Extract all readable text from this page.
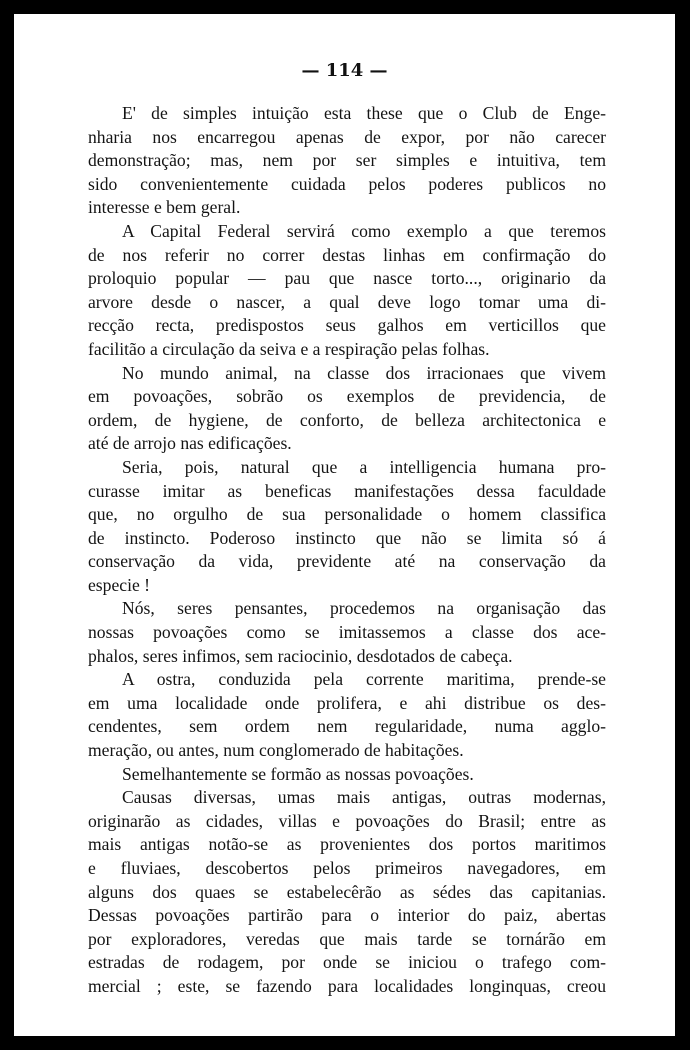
— 114 —
E' de simples intuição esta these que o Club de Enge-
nharia nos encarregou apenas de expor, por não carecer
demonstração; mas, nem por ser simples e intuitiva, tem
sido convenientemente cuidada pelos poderes publicos no
interesse e bem geral.
A Capital Federal servirá como exemplo a que teremos
de nos referir no correr destas linhas em confirmação do
proloquio popular — pau que nasce torto..., originario da
arvore desde o nascer, a qual deve logo tomar uma di-
recção recta, predispostos seus galhos em verticillos que
facilitão a circulação da seiva e a respiração pelas folhas.
No mundo animal, na classe dos irracionaes que vivem
em povoações, sobrão os exemplos de previdencia, de
ordem, de hygiene, de conforto, de belleza architectonica e
até de arrojo nas edificações.
Seria, pois, natural que a intelligencia humana pro-
curasse imitar as beneficas manifestações dessa faculdade
que, no orgulho de sua personalidade o homem classifica
de instincto. Poderoso instincto que não se limita só á
conservação da vida, previdente até na conservação da
especie !
Nós, seres pensantes, procedemos na organisação das
nossas povoações como se imitassemos a classe dos ace-
phalos, seres infimos, sem raciocinio, desdotados de cabeça.
A ostra, conduzida pela corrente maritima, prende-se
em uma localidade onde prolifera, e ahi distribue os des-
cendentes, sem ordem nem regularidade, numa agglo-
meração, ou antes, num conglomerado de habitações.
Semelhantemente se formão as nossas povoações.
Causas diversas, umas mais antigas, outras modernas,
originarão as cidades, villas e povoações do Brasil; entre as
mais antigas notão-se as provenientes dos portos maritimos
e fluviaes, descobertos pelos primeiros navegadores, em
alguns dos quaes se estabelecêrão as sédes das capitanias.
Dessas povoações partirão para o interior do paiz, abertas
por exploradores, veredas que mais tarde se tornárão em
estradas de rodagem, por onde se iniciou o trafego com-
mercial ; este, se fazendo para localidades longinquas, creou
